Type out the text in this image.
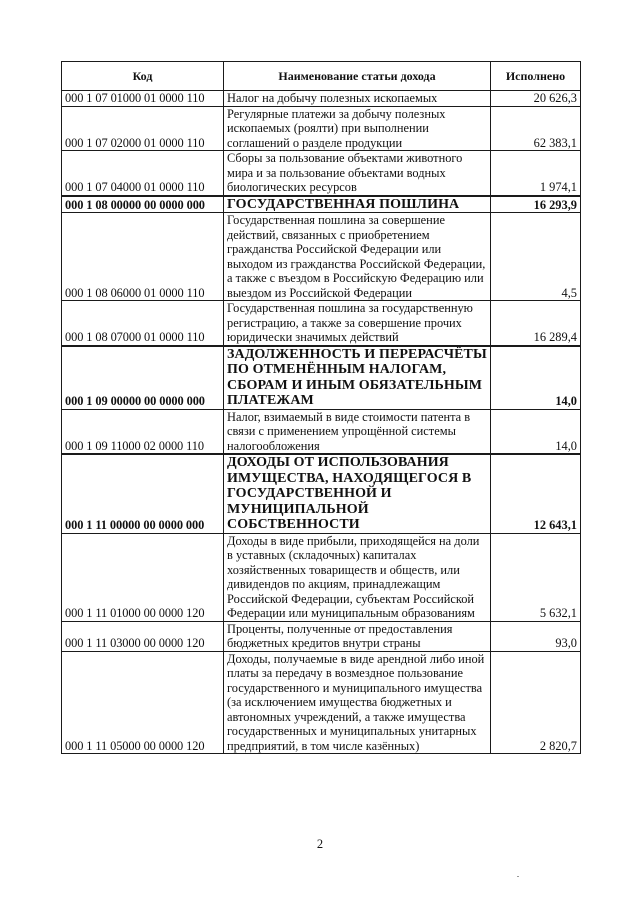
Код	Наименование статьи дохода	Исполнено
000 1 07 01000 01 0000 110	Налог на добычу полезных ископаемых	20 626,3
000 1 07 02000 01 0000 110	Регулярные платежи за добычу полезных ископаемых (роялти) при выполнении соглашений о разделе продукции	62 383,1
000 1 07 04000 01 0000 110	Сборы за пользование объектами животного мира и за пользование объектами водных биологических ресурсов	1 974,1
000 1 08 00000 00 0000 000	ГОСУДАРСТВЕННАЯ ПОШЛИНА	16 293,9
000 1 08 06000 01 0000 110	Государственная пошлина за совершение действий, связанных с приобретением гражданства Российской Федерации или выходом из гражданства Российской Федерации, а также с въездом в Российскую Федерацию или выездом из Российской Федерации	4,5
000 1 08 07000 01 0000 110	Государственная пошлина за государственную регистрацию, а также за совершение прочих юридически значимых действий	16 289,4
000 1 09 00000 00 0000 000	ЗАДОЛЖЕННОСТЬ И ПЕРЕРАСЧЁТЫ ПО ОТМЕНЁННЫМ НАЛОГАМ, СБОРАМ И ИНЫМ ОБЯЗАТЕЛЬНЫМ ПЛАТЕЖАМ	14,0
000 1 09 11000 02 0000 110	Налог, взимаемый в виде стоимости патента в связи с применением упрощённой системы налогообложения	14,0
000 1 11 00000 00 0000 000	ДОХОДЫ ОТ ИСПОЛЬЗОВАНИЯ ИМУЩЕСТВА, НАХОДЯЩЕГОСЯ В ГОСУДАРСТВЕННОЙ И МУНИЦИПАЛЬНОЙ СОБСТВЕННОСТИ	12 643,1
000 1 11 01000 00 0000 120	Доходы в виде прибыли, приходящейся на доли в уставных (складочных) капиталах хозяйственных товариществ и обществ, или дивидендов по акциям, принадлежащим Российской Федерации, субъектам Российской Федерации или муниципальным образованиям	5 632,1
000 1 11 03000 00 0000 120	Проценты, полученные от предоставления бюджетных кредитов внутри страны	93,0
000 1 11 05000 00 0000 120	Доходы, получаемые в виде арендной либо иной платы за передачу в возмездное пользование государственного и муниципального имущества (за исключением имущества бюджетных и автономных учреждений, а также имущества государственных и муниципальных унитарных предприятий, в том числе казённых)	2 820,7
2
